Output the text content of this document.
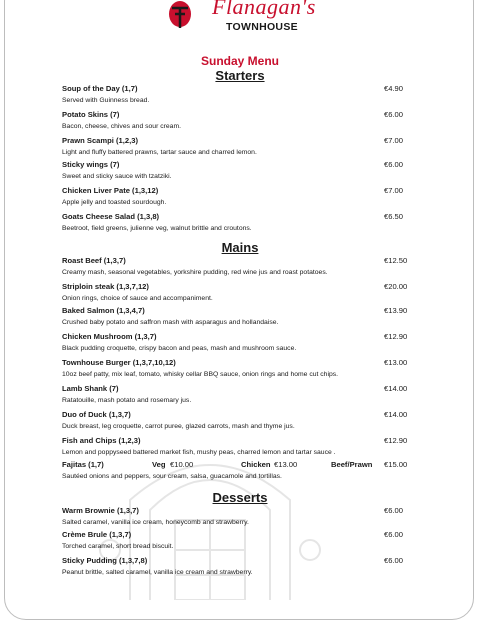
Flanagan's
TOWNHOUSE
Sunday Menu
Starters
Soup of the Day (1,7)
Served with Guinness bread.
€4.90
Potato Skins (7)
Bacon, cheese, chives and sour cream.
€6.00
Prawn Scampi (1,2,3)
Light and fluffy battered prawns, tartar sauce and charred lemon.
€7.00
Sticky wings (7)
Sweet and sticky sauce with tzatziki.
€6.00
Chicken Liver Pate (1,3,12)
Apple jelly and toasted sourdough.
€7.00
Goats Cheese Salad (1,3,8)
Beetroot, field greens, julienne veg, walnut brittle and croutons.
€6.50
Mains
Roast Beef (1,3,7)
Creamy mash, seasonal vegetables, yorkshire pudding, red wine jus and roast potatoes.
€12.50
Striploin steak (1,3,7,12)
Onion rings, choice of sauce and accompaniment.
€20.00
Baked Salmon (1,3,4,7)
Crushed baby potato and saffron mash with asparagus and hollandaise.
€13.90
Chicken Mushroom (1,3,7)
Black pudding croquette, crispy bacon and peas, mash and mushroom sauce.
€12.90
Townhouse Burger (1,3,7,10,12)
10oz beef patty, mix leaf, tomato, whisky cellar BBQ sauce, onion rings and home cut chips.
€13.00
Lamb Shank (7)
Ratatouille, mash potato and rosemary jus.
€14.00
Duo of Duck (1,3,7)
Duck breast, leg croquette, carrot puree, glazed carrots, mash and thyme jus.
€14.00
Fish and Chips (1,2,3)
Lemon and poppyseed battered market fish, mushy peas, charred lemon and tartar sauce .
€12.90
Fajitas (1,7)	Veg €10.00	Chicken €13.00	Beef/Prawn €15.00
Sautéed onions and peppers, sour cream, salsa, guacamole and tortillas.
Desserts
Warm Brownie (1,3,7)
Salted caramel, vanilla ice cream, honeycomb and strawberry.
€6.00
Crème Brule (1,3,7)
Torched caramel, short bread biscuit.
€6.00
Sticky Pudding (1,3,7,8)
Peanut brittle, salted caramel, vanilla ice cream and strawberry.
€6.00
